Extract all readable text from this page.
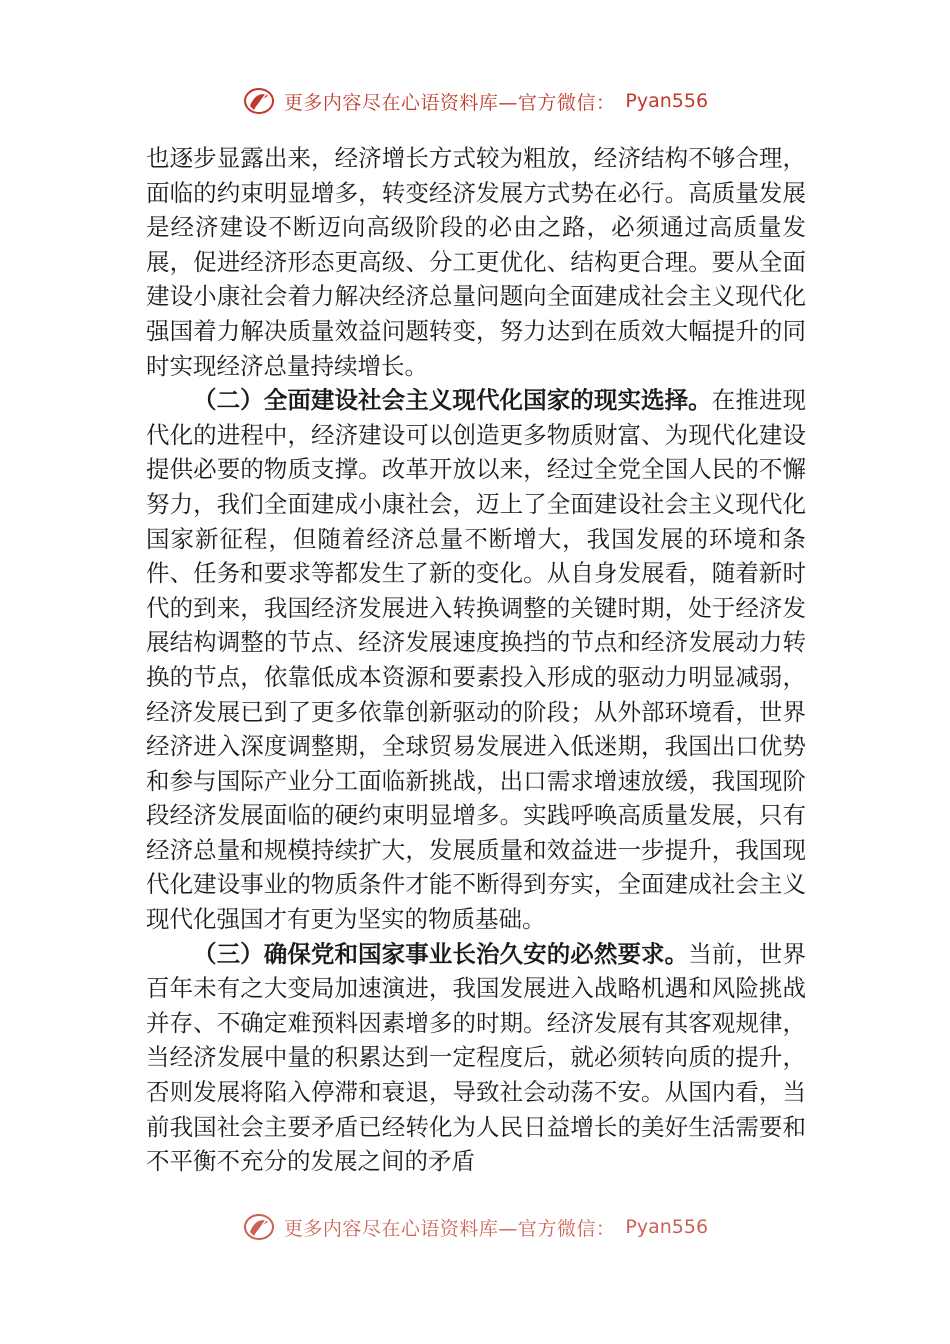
更多内容尽在心语资料库—官方微信： Pyan556

也逐步显露出来，经济增长方式较为粗放，经济结构不够合理，面临的约束明显增多，转变经济发展方式势在必行。高质量发展是经济建设不断迈向高级阶段的必由之路，必须通过高质量发展，促进经济形态更高级、分工更优化、结构更合理。要从全面建设小康社会着力解决经济总量问题向全面建成社会主义现代化强国着力解决质量效益问题转变，努力达到在质效大幅提升的同时实现经济总量持续增长。

（二）全面建设社会主义现代化国家的现实选择。在推进现代化的进程中，经济建设可以创造更多物质财富、为现代化建设提供必要的物质支撑。改革开放以来，经过全党全国人民的不懈努力，我们全面建成小康社会，迈上了全面建设社会主义现代化国家新征程，但随着经济总量不断增大，我国发展的环境和条件、任务和要求等都发生了新的变化。从自身发展看，随着新时代的到来，我国经济发展进入转换调整的关键时期，处于经济发展结构调整的节点、经济发展速度换挡的节点和经济发展动力转换的节点，依靠低成本资源和要素投入形成的驱动力明显减弱，经济发展已到了更多依靠创新驱动的阶段；从外部环境看，世界经济进入深度调整期，全球贸易发展进入低迷期，我国出口优势和参与国际产业分工面临新挑战，出口需求增速放缓，我国现阶段经济发展面临的硬约束明显增多。实践呼唤高质量发展，只有经济总量和规模持续扩大，发展质量和效益进一步提升，我国现代化建设事业的物质条件才能不断得到夯实，全面建成社会主义现代化强国才有更为坚实的物质基础。

（三）确保党和国家事业长治久安的必然要求。当前，世界百年未有之大变局加速演进，我国发展进入战略机遇和风险挑战并存、不确定难预料因素增多的时期。经济发展有其客观规律，当经济发展中量的积累达到一定程度后，就必须转向质的提升，否则发展将陷入停滞和衰退，导致社会动荡不安。从国内看，当前我国社会主要矛盾已经转化为人民日益增长的美好生活需要和不平衡不充分的发展之间的矛盾

更多内容尽在心语资料库—官方微信： Pyan556
